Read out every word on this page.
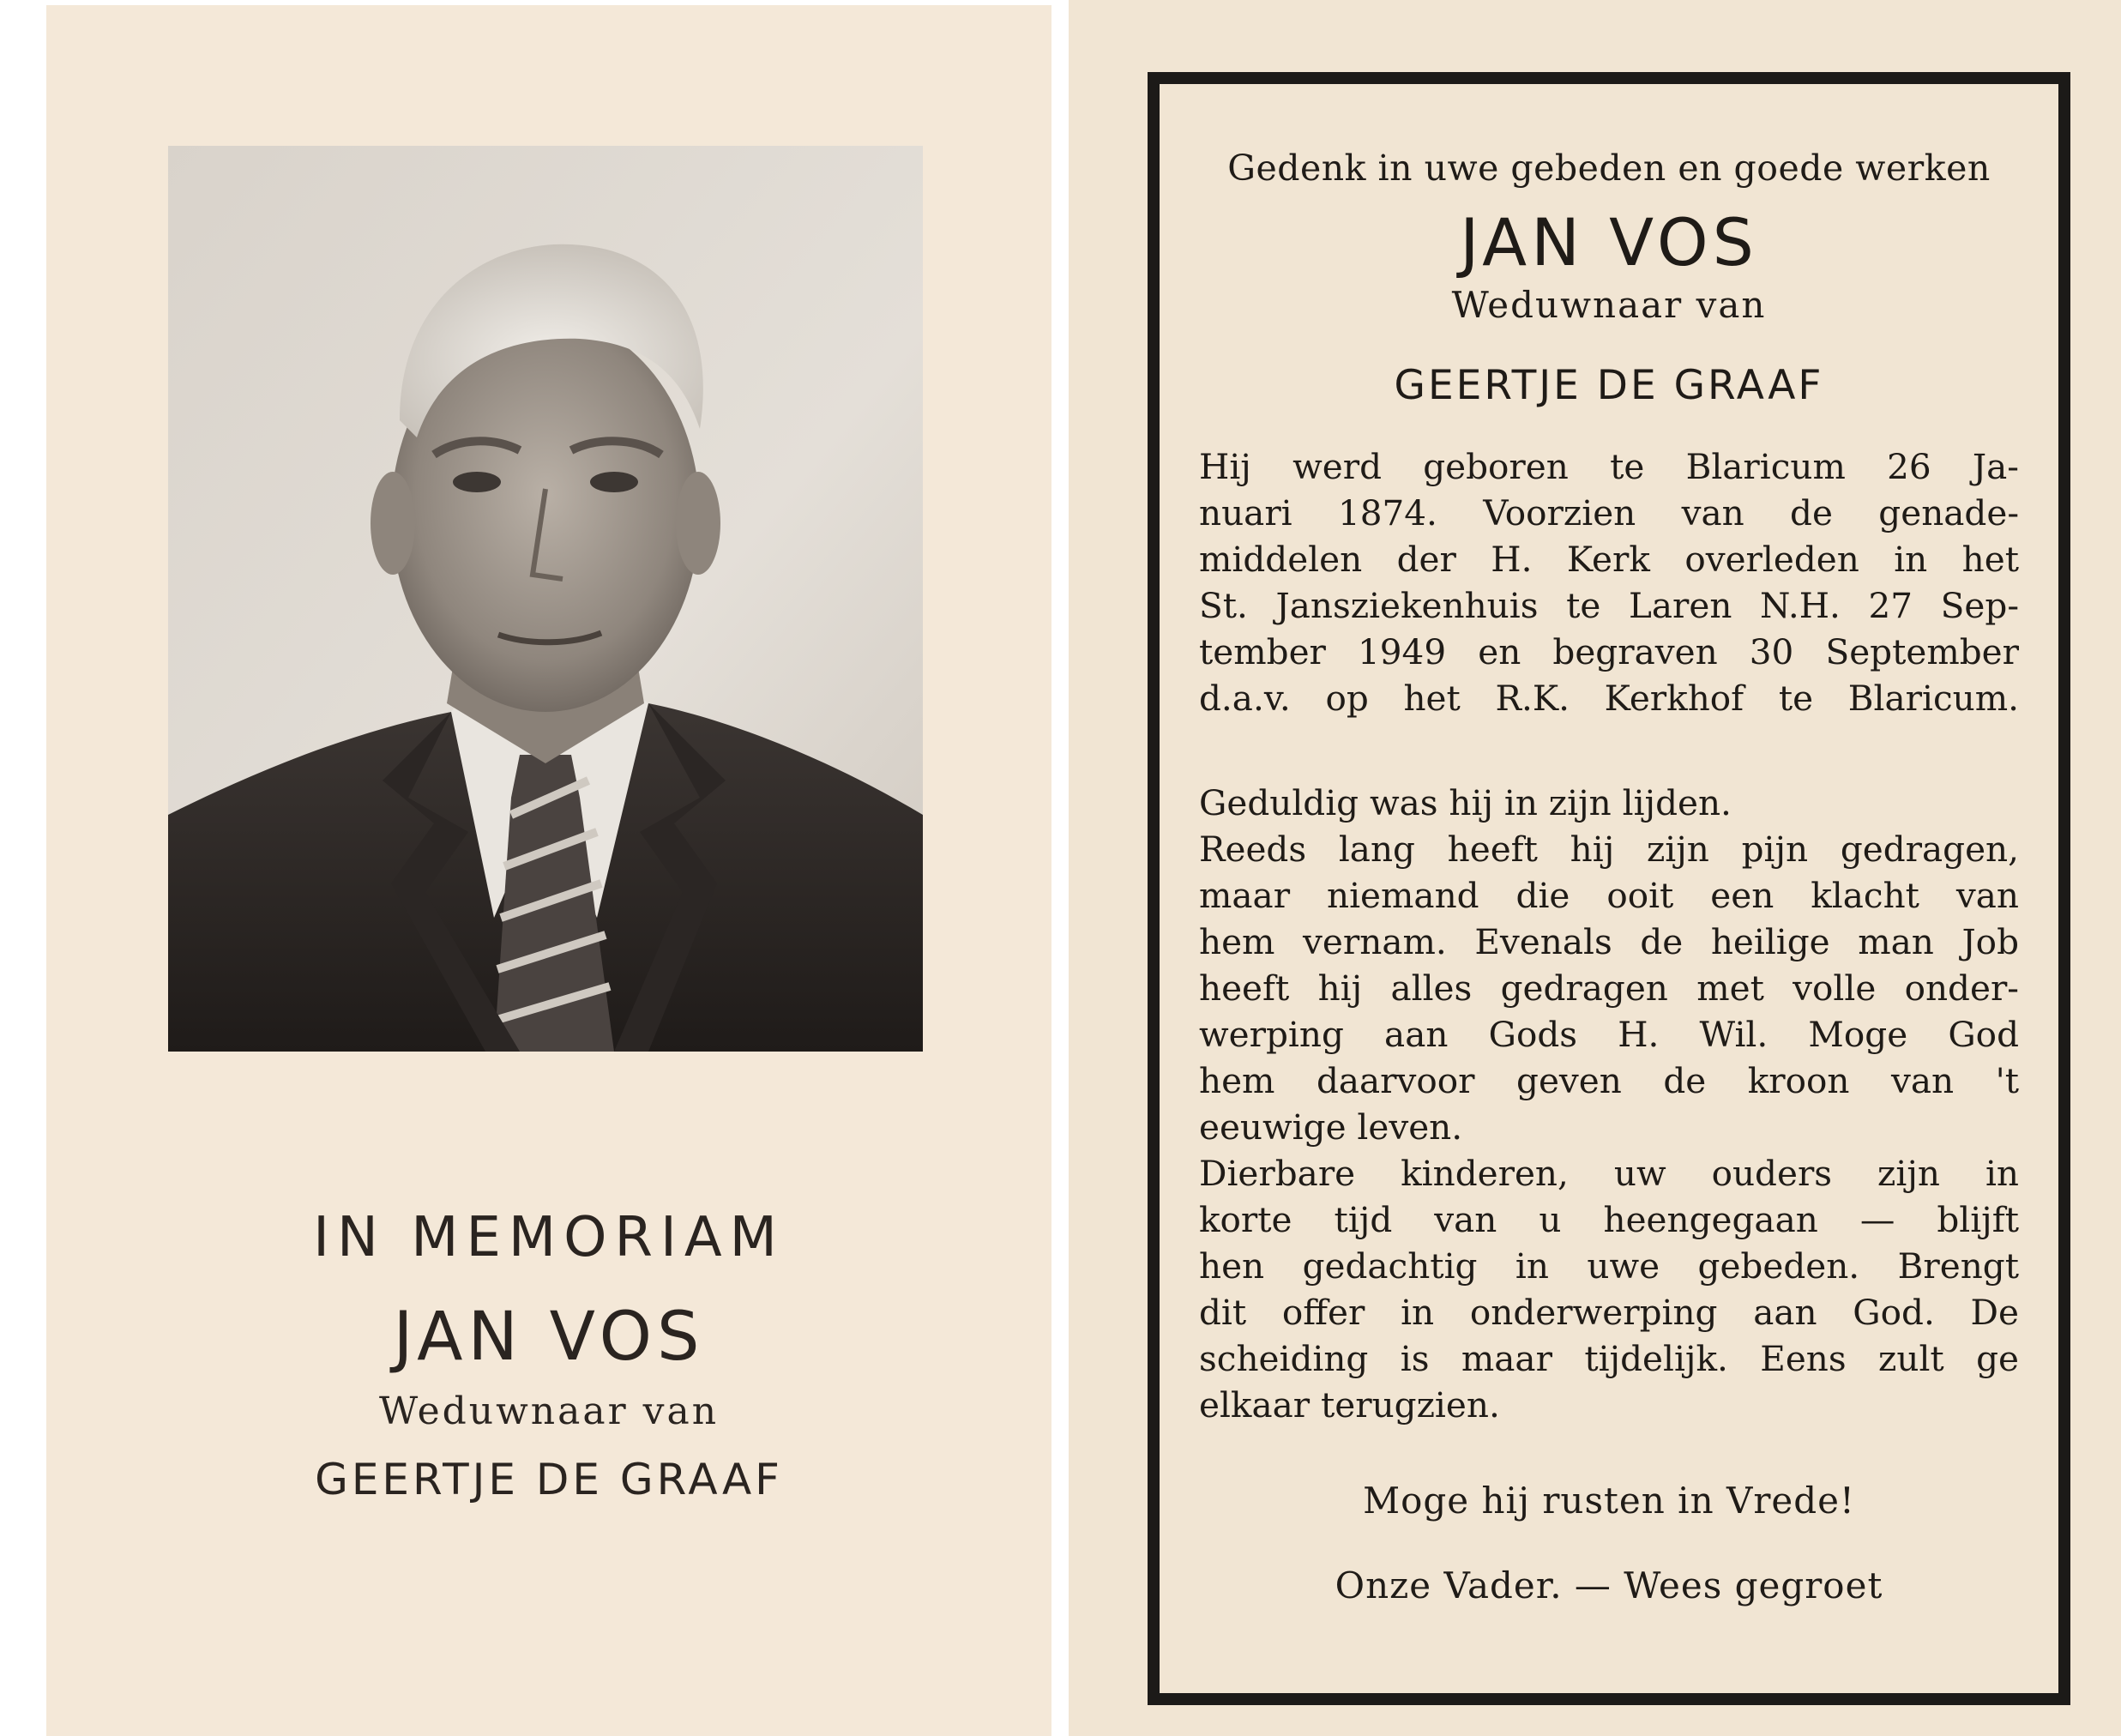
IN MEMORIAM
JAN VOS
Weduwnaar van
GEERTJE DE GRAAF

Gedenk in uwe gebeden en goede werken

JAN VOS

Weduwnaar van

GEERTJE DE GRAAF

Hij werd geboren te Blaricum 26 Ja-
nuari 1874. Voorzien van de genade-
middelen der H. Kerk overleden in het
St. Jansziekenhuis te Laren N.H. 27 Sep-
tember 1949 en begraven 30 September
d.a.v. op het R.K. Kerkhof te Blaricum.
Geduldig was hij in zijn lijden.
Reeds lang heeft hij zijn pijn gedragen,
maar niemand die ooit een klacht van
hem vernam. Evenals de heilige man Job
heeft hij alles gedragen met volle onder-
werping aan Gods H. Wil. Moge God
hem daarvoor geven de kroon van 't
eeuwige leven.
Dierbare kinderen, uw ouders zijn in
korte tijd van u heengegaan — blijft
hen gedachtig in uwe gebeden. Brengt
dit offer in onderwerping aan God. De
scheiding is maar tijdelijk. Eens zult ge
elkaar terugzien.

Moge hij rusten in Vrede!

Onze Vader. — Wees gegroet
